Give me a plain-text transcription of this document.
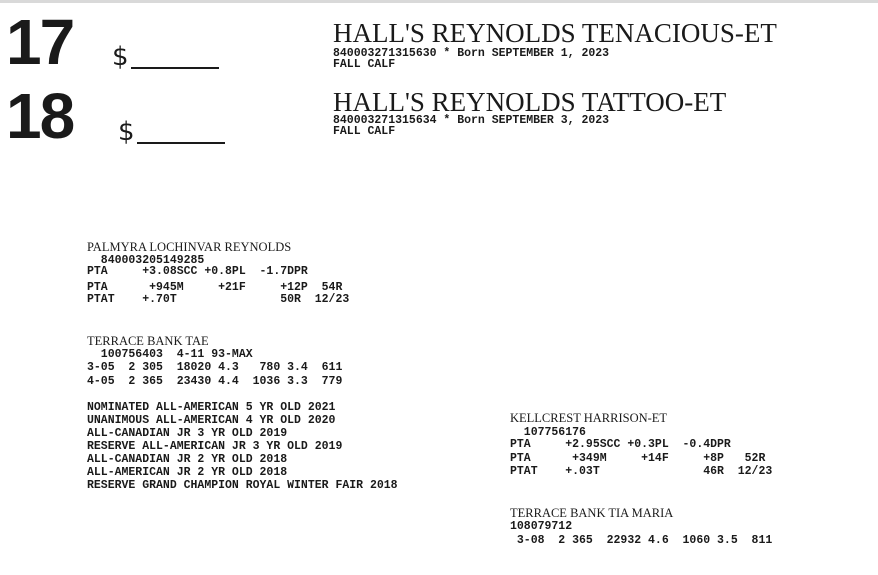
17 $
HALL'S REYNOLDS TENACIOUS-ET
840003271315630 * Born SEPTEMBER 1, 2023
FALL CALF
18 $
HALL'S REYNOLDS TATTOO-ET
840003271315634 * Born SEPTEMBER 3, 2023
FALL CALF
PALMYRA LOCHINVAR REYNOLDS
840003205149285
PTA     +3.08SCC +0.8PL  -1.7DPR
PTA      +945M     +21F     +12P  54R
PTAT    +.70T               50R  12/23
TERRACE BANK TAE
100756403  4-11 93-MAX
3-05  2 305  18020 4.3   780 3.4  611
4-05  2 365  23430 4.4  1036 3.3  779
NOMINATED ALL-AMERICAN 5 YR OLD 2021
UNANIMOUS ALL-AMERICAN 4 YR OLD 2020
ALL-CANADIAN JR 3 YR OLD 2019
RESERVE ALL-AMERICAN JR 3 YR OLD 2019
ALL-CANADIAN JR 2 YR OLD 2018
ALL-AMERICAN JR 2 YR OLD 2018
RESERVE GRAND CHAMPION ROYAL WINTER FAIR 2018
KELLCREST HARRISON-ET
107756176
PTA     +2.95SCC +0.3PL  -0.4DPR
PTA      +349M     +14F     +8P   52R
PTAT    +.03T               46R  12/23
TERRACE BANK TIA MARIA
108079712
3-08  2 365  22932 4.6  1060 3.5  811
